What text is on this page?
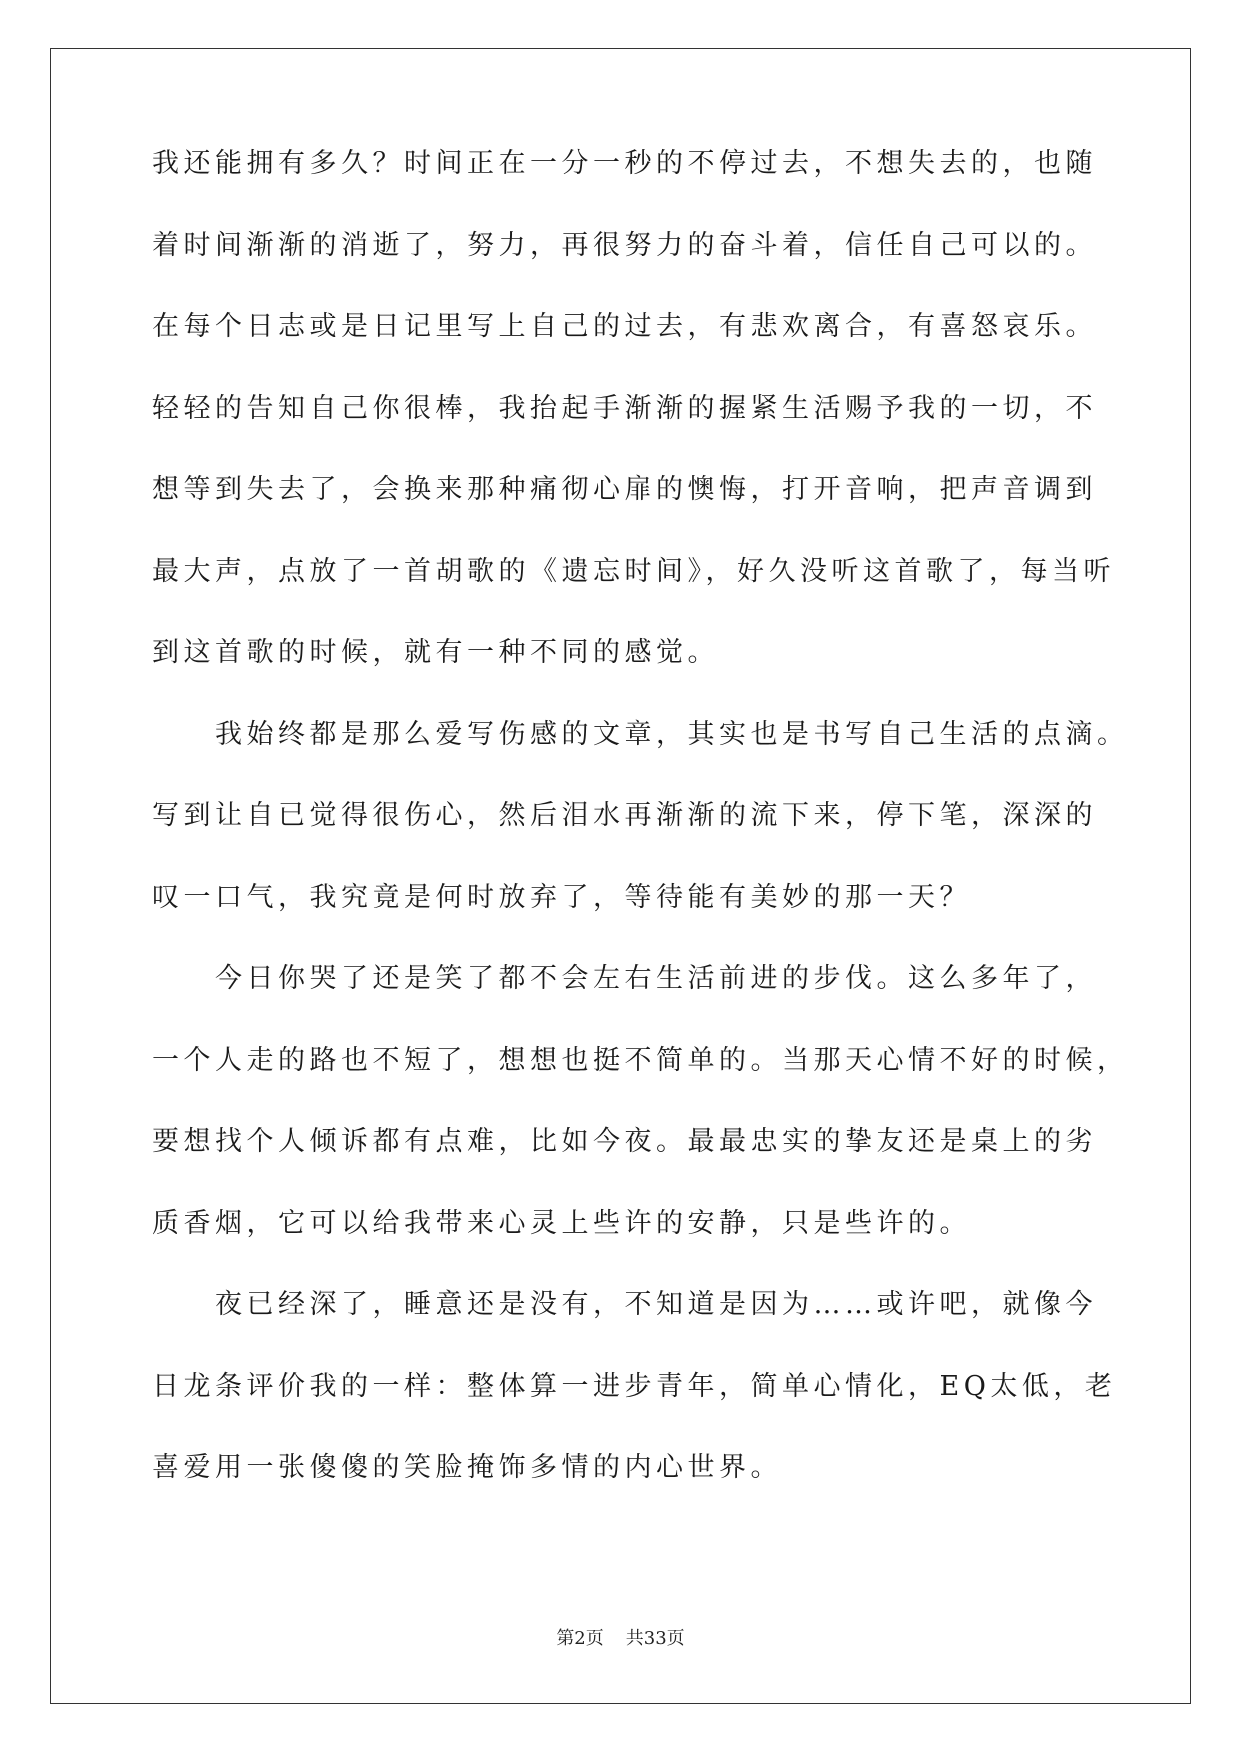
我还能拥有多久？时间正在一分一秒的不停过去，不想失去的，也随
着时间渐渐的消逝了，努力，再很努力的奋斗着，信任自己可以的。
在每个日志或是日记里写上自己的过去，有悲欢离合，有喜怒哀乐。
轻轻的告知自己你很棒，我抬起手渐渐的握紧生活赐予我的一切，不
想等到失去了，会换来那种痛彻心扉的懊悔，打开音响，把声音调到
最大声，点放了一首胡歌的《遗忘时间》，好久没听这首歌了，每当听
到这首歌的时候，就有一种不同的感觉。
我始终都是那么爱写伤感的文章，其实也是书写自己生活的点滴。
写到让自已觉得很伤心，然后泪水再渐渐的流下来，停下笔，深深的
叹一口气，我究竟是何时放弃了，等待能有美妙的那一天？
今日你哭了还是笑了都不会左右生活前进的步伐。这么多年了，
一个人走的路也不短了，想想也挺不简单的。当那天心情不好的时候，
要想找个人倾诉都有点难，比如今夜。最最忠实的挚友还是桌上的劣
质香烟，它可以给我带来心灵上些许的安静，只是些许的。
夜已经深了，睡意还是没有，不知道是因为……或许吧，就像今
日龙条评价我的一样：整体算一进步青年，简单心情化，EQ太低，老
喜爱用一张傻傻的笑脸掩饰多情的内心世界。
第2页 共33页
